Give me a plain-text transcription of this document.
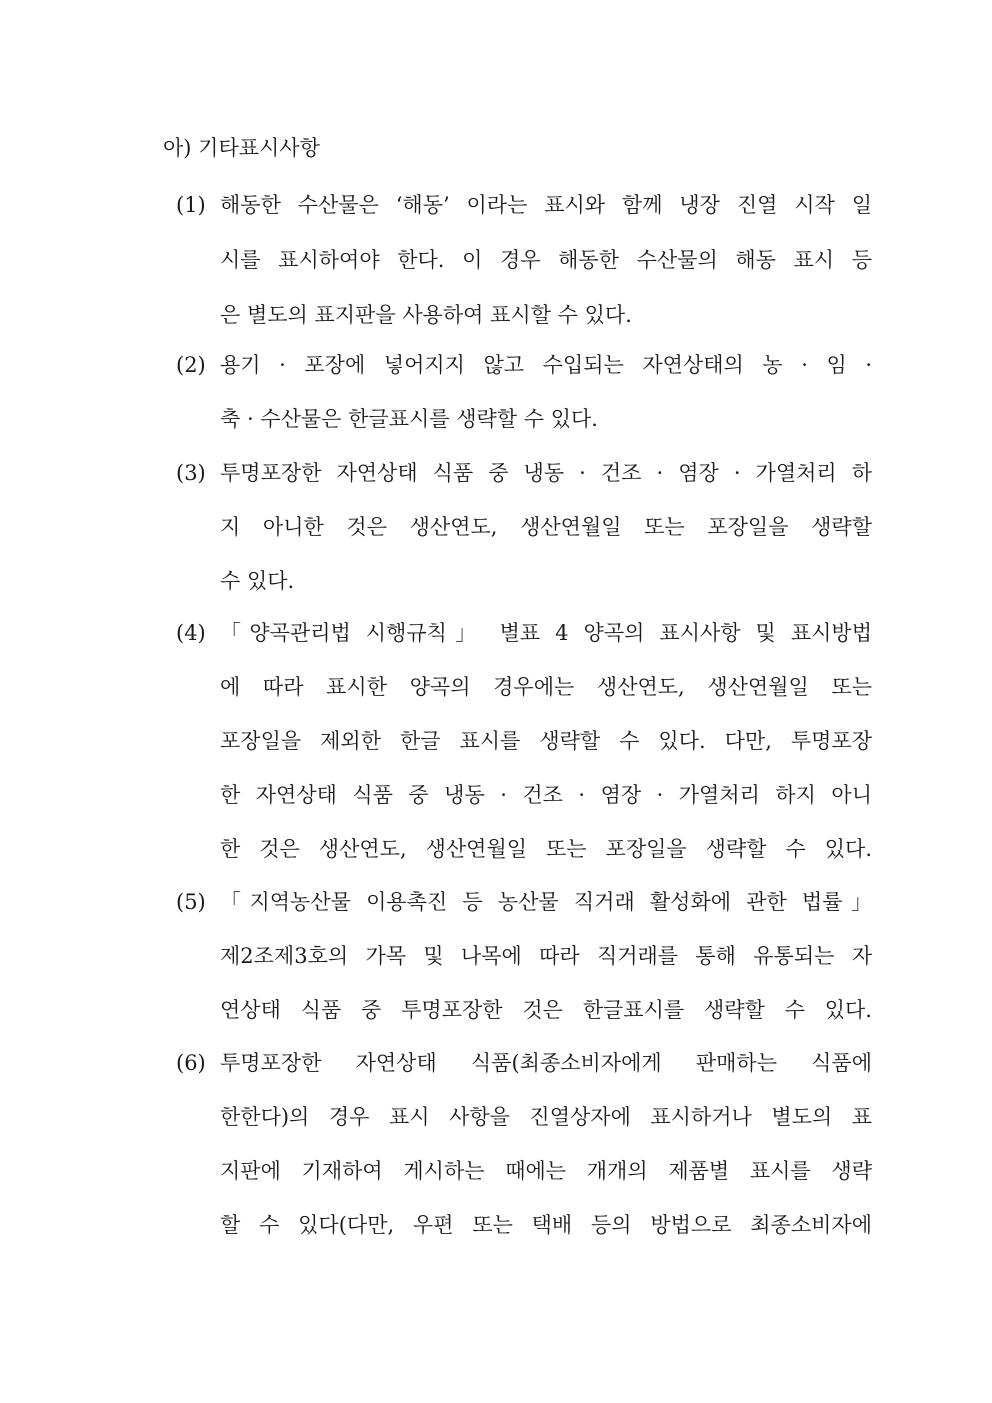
아) 기타표시사항
(1) 해동한 수산물은 ‘해동’ 이라는 표시와 함께 냉장 진열 시작 일
시를 표시하여야 한다. 이 경우 해동한 수산물의 해동 표시 등
은 별도의 표지판을 사용하여 표시할 수 있다.
(2) 용기 · 포장에 넣어지지 않고 수입되는 자연상태의 농 · 임 ·
축 · 수산물은 한글표시를 생략할 수 있다.
(3) 투명포장한 자연상태 식품 중 냉동 · 건조 · 염장 · 가열처리 하
지 아니한 것은 생산연도, 생산연월일 또는 포장일을 생략할
수 있다.
(4) 「양곡관리법 시행규칙」 별표 4 양곡의 표시사항 및 표시방법
에 따라 표시한 양곡의 경우에는 생산연도, 생산연월일 또는
포장일을 제외한 한글 표시를 생략할 수 있다. 다만, 투명포장
한 자연상태 식품 중 냉동 · 건조 · 염장 · 가열처리 하지 아니
한 것은 생산연도, 생산연월일 또는 포장일을 생략할 수 있다.
(5) 「지역농산물 이용촉진 등 농산물 직거래 활성화에 관한 법률」
제2조제3호의 가목 및 나목에 따라 직거래를 통해 유통되는 자
연상태 식품 중 투명포장한 것은 한글표시를 생략할 수 있다.
(6) 투명포장한 자연상태 식품(최종소비자에게 판매하는 식품에
한한다)의 경우 표시 사항을 진열상자에 표시하거나 별도의 표
지판에 기재하여 게시하는 때에는 개개의 제품별 표시를 생략
할 수 있다(다만, 우편 또는 택배 등의 방법으로 최종소비자에
